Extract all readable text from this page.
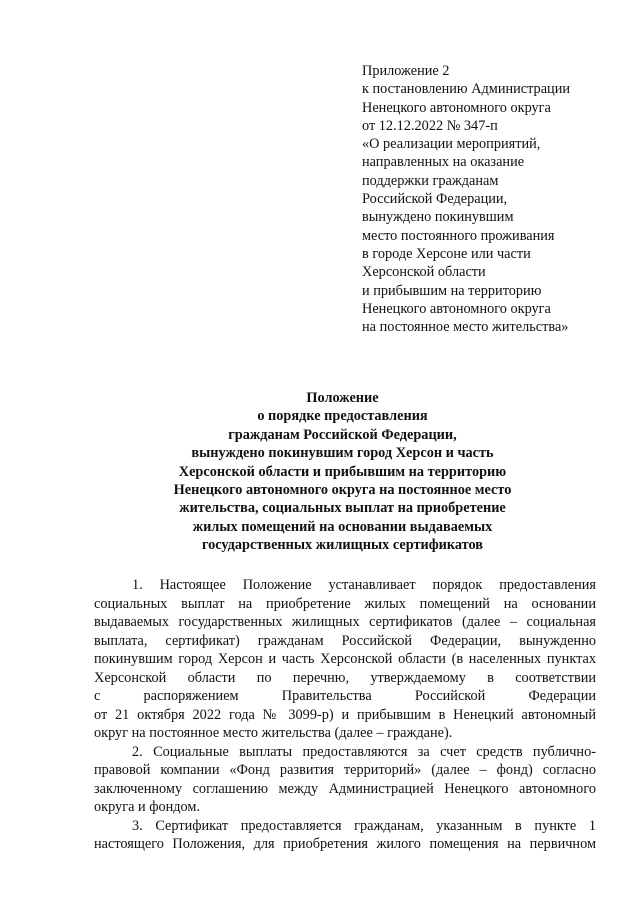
Приложение 2
к постановлению Администрации
Ненецкого автономного округа
от 12.12.2022 № 347-п
«О реализации мероприятий,
направленных на оказание
поддержки гражданам
Российской Федерации,
вынуждено покинувшим
место постоянного проживания
в городе Херсоне или части
Херсонской области
и прибывшим на территорию
Ненецкого автономного округа
на постоянное место жительства»
Положение
о порядке предоставления
гражданам Российской Федерации,
вынуждено покинувшим город Херсон и часть
Херсонской области и прибывшим на территорию
Ненецкого автономного округа на постоянное место
жительства, социальных выплат на приобретение
жилых помещений на основании выдаваемых
государственных жилищных сертификатов
1. Настоящее Положение устанавливает порядок предоставления
социальных выплат на приобретение жилых помещений на основании
выдаваемых государственных жилищных сертификатов (далее – социальная
выплата, сертификат) гражданам Российской Федерации, вынужденно
покинувшим город Херсон и часть Херсонской области (в населенных пунктах
Херсонской области по перечню, утверждаемому в соответствии
с распоряжением Правительства Российской Федерации
от 21 октября 2022 года № 3099-р) и прибывшим в Ненецкий автономный
округ на постоянное место жительства (далее – граждане).
2. Социальные выплаты предоставляются за счет средств публично-
правовой компании «Фонд развития территорий» (далее – фонд) согласно
заключенному соглашению между Администрацией Ненецкого автономного
округа и фондом.
3. Сертификат предоставляется гражданам, указанным в пункте 1
настоящего Положения, для приобретения жилого помещения на первичном
